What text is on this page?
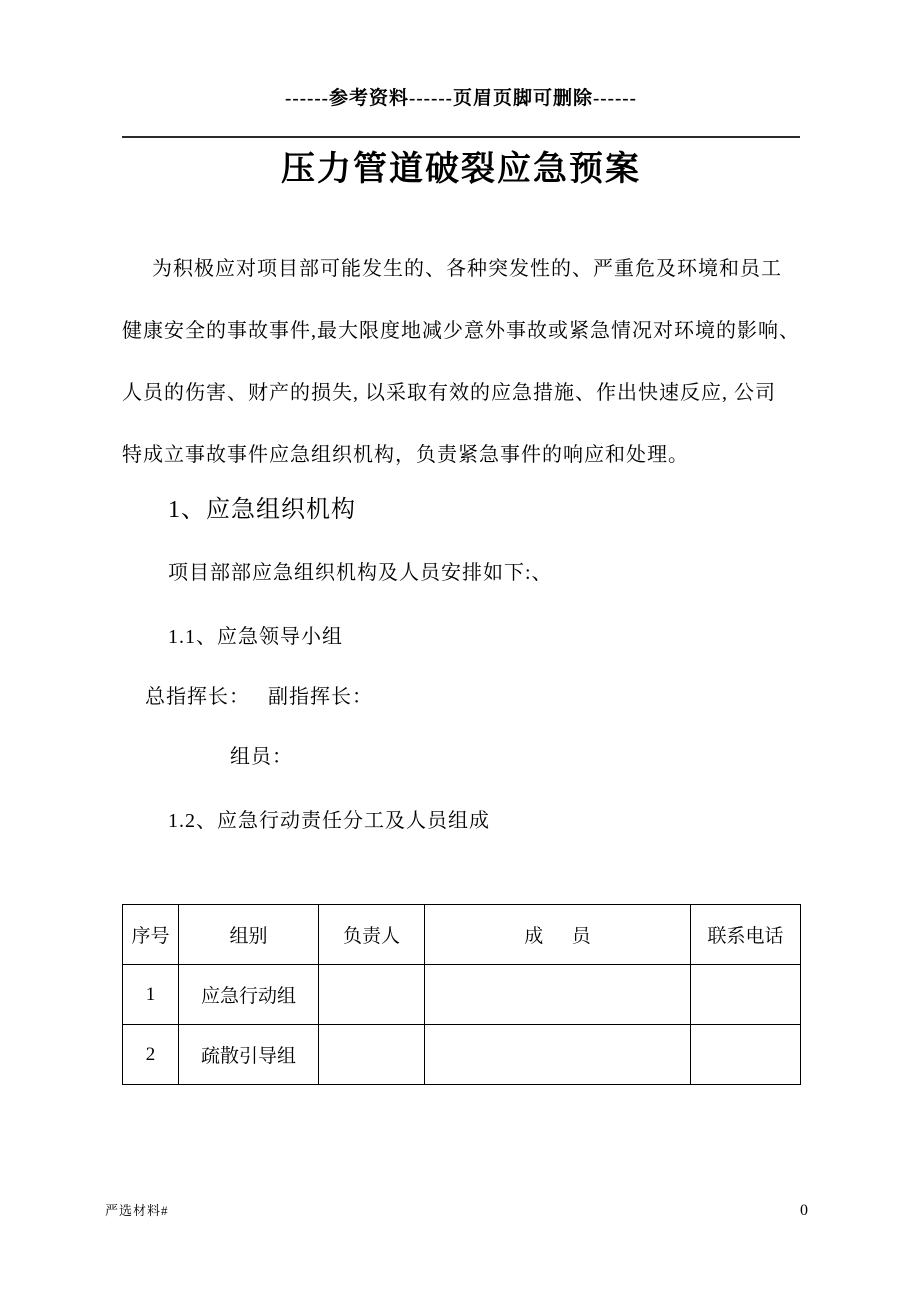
------参考资料------页眉页脚可删除------
压力管道破裂应急预案
为积极应对项目部可能发生的、各种突发性的、严重危及环境和员工
健康安全的事故事件,最大限度地减少意外事故或紧急情况对环境的影响、
人员的伤害、财产的损失, 以采取有效的应急措施、作出快速反应, 公司
特成立事故事件应急组织机构，负责紧急事件的响应和处理。
1、应急组织机构
项目部部应急组织机构及人员安排如下:、
1.1、应急领导小组
总指挥长：   副指挥长：
组员：
1.2、应急行动责任分工及人员组成
序号	组别	负责人	成      员	联系电话
1	应急行动组			
2	疏散引导组			
严选材料#	0
